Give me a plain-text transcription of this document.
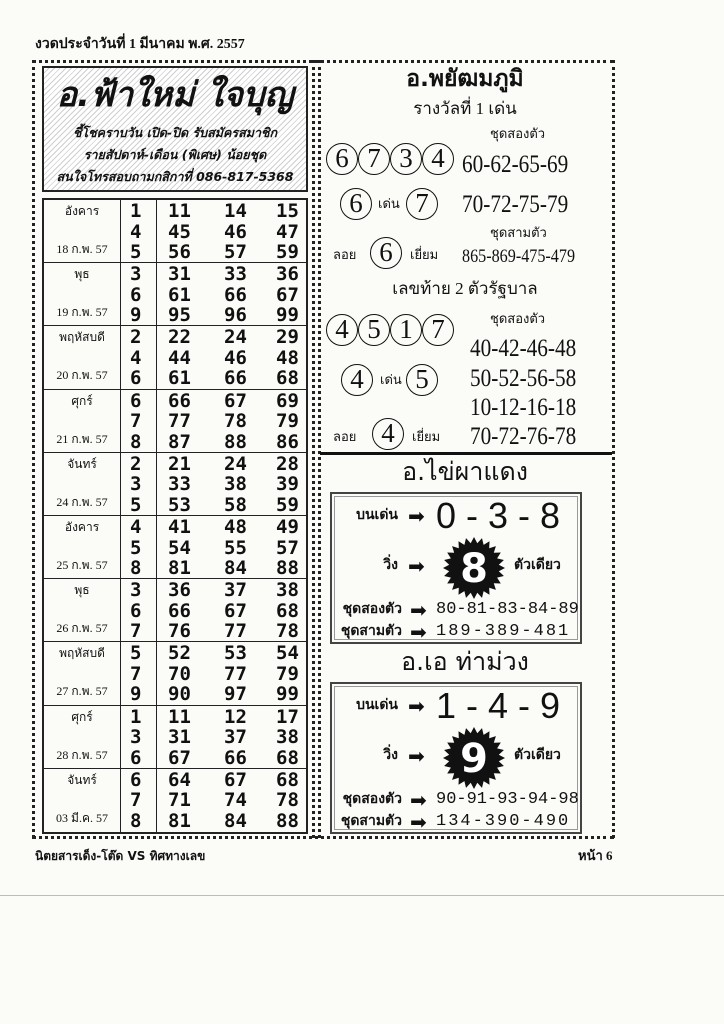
งวดประจำวันที่ 1 มีนาคม พ.ศ. 2557
อ.ฟ้าใหม่ ใจบุญ
ชี้โชคราบวัน เปิด-ปิด รับสมัครสมาชิก
รายสัปดาห์-เดือน (พิเศษ) น้อยชุด
สนใจโทรสอบถามกสิกาที่ 086-817-5368
อังคาร
18 ก.พ. 57
1 11 14 15
4 45 46 47
5 56 57 59
พุธ
19 ก.พ. 57
3 31 33 36
6 61 66 67
9 95 96 99
พฤหัสบดี
20 ก.พ. 57
2 22 24 29
4 44 46 48
6 61 66 68
ศุกร์
21 ก.พ. 57
6 66 67 69
7 77 78 79
8 87 88 86
จันทร์
24 ก.พ. 57
2 21 24 28
3 33 38 39
5 53 58 59
อังคาร
25 ก.พ. 57
4 41 48 49
5 54 55 57
8 81 84 88
พุธ
26 ก.พ. 57
3 36 37 38
6 66 67 68
7 76 77 78
พฤหัสบดี
27 ก.พ. 57
5 52 53 54
7 70 77 79
9 90 97 99
ศุกร์
28 ก.พ. 57
1 11 12 17
3 31 37 38
6 67 66 68
จันทร์
03 มี.ค. 57
6 64 67 68
7 71 74 78
8 81 84 88
อ.พยัฒมภูมิ
รางวัลที่ 1 เด่น
ชุดสองตัว
6 7 3 4 60-62-65-69
6	เด่น 7	70-72-75-79
ชุดสามตัว
ลอย 6	เยี่ยม 865-869-475-479
เลขท้าย 2 ตัวรัฐบาล
ชุดสองตัว
4 5 1 7
40-42-46-48
4	เด่น 5	50-52-56-58
10-12-16-18
ลอย 4	เยี่ยม 70-72-76-78
อ.ไข่ผาแดง
บนเด่น ➡ 0 - 3 - 8
วิ่ง ➡ 8 ตัวเดียว
ชุดสองตัว ➡ 80-81-83-84-89
ชุดสามตัว ➡ 189-389-481
อ.เอ ท่าม่วง
บนเด่น ➡ 1 - 4 - 9
วิ่ง ➡ 9 ตัวเดียว
ชุดสองตัว ➡ 90-91-93-94-98
ชุดสามตัว ➡ 134-390-490
นิตยสารเด็ง-โต๊ด VS ทิศทางเลข	หน้า 6
